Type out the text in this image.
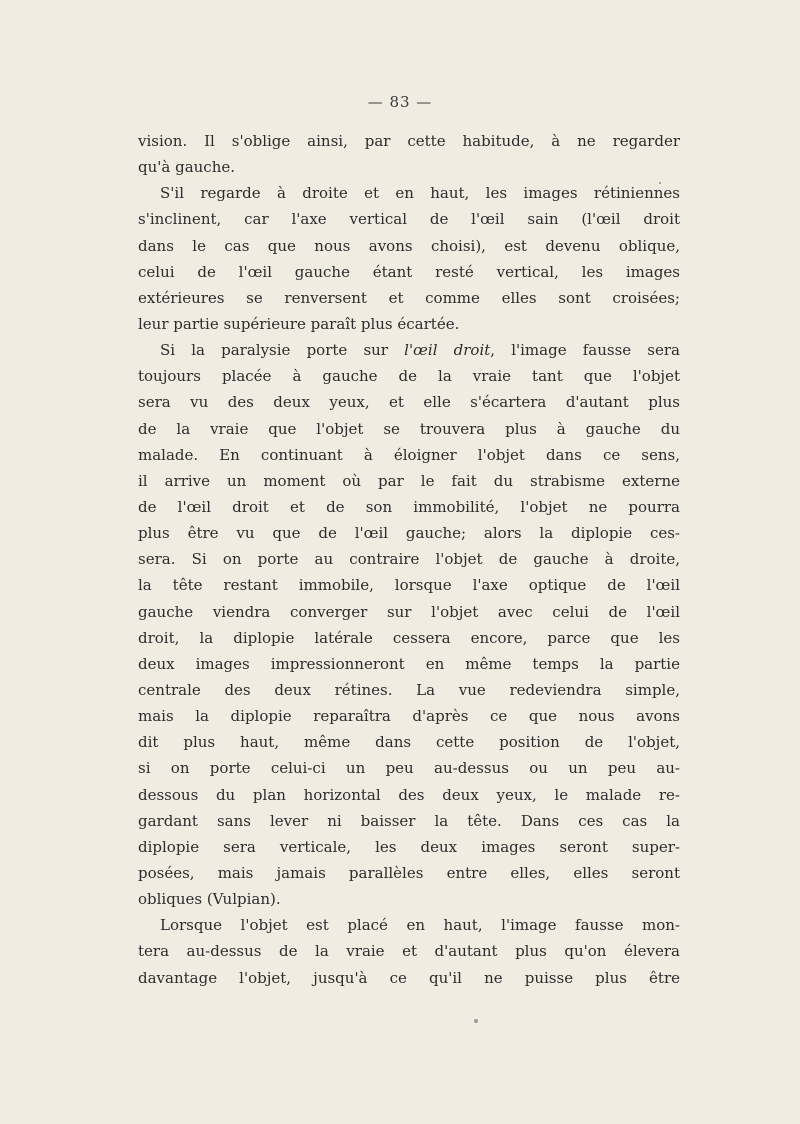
— 83 —
vision. Il s'oblige ainsi, par cette habitude, à ne regarder
qu'à gauche.
S'il regarde à droite et en haut, les images rétiniennes
s'inclinent, car l'axe vertical de l'œil sain (l'œil droit
dans le cas que nous avons choisi), est devenu oblique,
celui de l'œil gauche étant resté vertical, les images
extérieures se renversent et comme elles sont croisées;
leur partie supérieure paraît plus écartée.
Si la paralysie porte sur l'œil droit, l'image fausse sera
toujours placée à gauche de la vraie tant que l'objet
sera vu des deux yeux, et elle s'écartera d'autant plus
de la vraie que l'objet se trouvera plus à gauche du
malade. En continuant à éloigner l'objet dans ce sens,
il arrive un moment où par le fait du strabisme externe
de l'œil droit et de son immobilité, l'objet ne pourra
plus être vu que de l'œil gauche; alors la diplopie ces-
sera. Si on porte au contraire l'objet de gauche à droite,
la tête restant immobile, lorsque l'axe optique de l'œil
gauche viendra converger sur l'objet avec celui de l'œil
droit, la diplopie latérale cessera encore, parce que les
deux images impressionneront en même temps la partie
centrale des deux rétines. La vue redeviendra simple,
mais la diplopie reparaîtra d'après ce que nous avons
dit plus haut, même dans cette position de l'objet,
si on porte celui-ci un peu au-dessus ou un peu au-
dessous du plan horizontal des deux yeux, le malade re-
gardant sans lever ni baisser la tête. Dans ces cas la
diplopie sera verticale, les deux images seront super-
posées, mais jamais parallèles entre elles, elles seront
obliques (Vulpian).
Lorsque l'objet est placé en haut, l'image fausse mon-
tera au-dessus de la vraie et d'autant plus qu'on élevera
davantage l'objet, jusqu'à ce qu'il ne puisse plus être
